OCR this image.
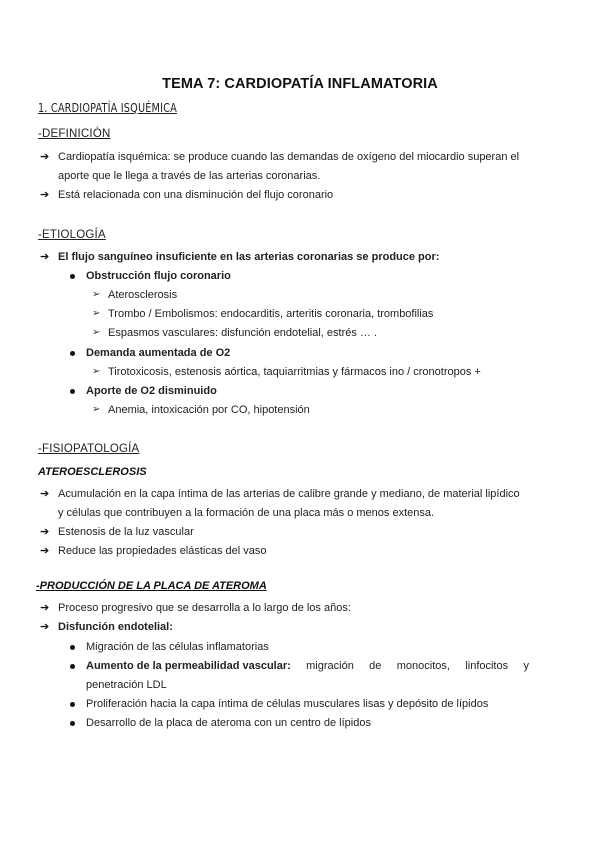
TEMA 7: CARDIOPATÍA INFLAMATORIA
1. CARDIOPATÍA ISQUÉMICA
-DEFINICIÓN
➔ Cardiopatía isquémica: se produce cuando las demandas de oxígeno del miocardio superan el
aporte que le llega a través de las arterias coronarias.
➔ Está relacionada con una disminución del flujo coronario
-ETIOLOGÍA
➔ El flujo sanguíneo insuficiente en las arterias coronarias se produce por:
Obstrucción flujo coronario
➢ Aterosclerosis
➢ Trombo / Embolismos: endocarditis, arteritis coronaria, trombofilias
➢ Espasmos vasculares: disfunción endotelial, estrés … .
Demanda aumentada de O2
➢ Tirotoxicosis, estenosis aórtica, taquiarritmias y fármacos ino / cronotropos +
Aporte de O2 disminuido
➢ Anemia, intoxicación por CO, hipotensión
-FISIOPATOLOGÍA
ATEROESCLEROSIS
➔ Acumulación en la capa íntima de las arterias de calibre grande y mediano, de material lipídico
y células que contribuyen a la formación de una placa más o menos extensa.
➔ Estenosis de la luz vascular
➔ Reduce las propiedades elásticas del vaso
-PRODUCCIÓN DE LA PLACA DE ATEROMA
➔ Proceso progresivo que se desarrolla a lo largo de los años:
➔ Disfunción endotelial:
Migración de las células inflamatorias
Aumento de la permeabilidad vascular: migración de monocitos, linfocitos y
penetración LDL
Proliferación hacia la capa íntima de células musculares lisas y depósito de lípidos
Desarrollo de la placa de ateroma con un centro de lípidos
